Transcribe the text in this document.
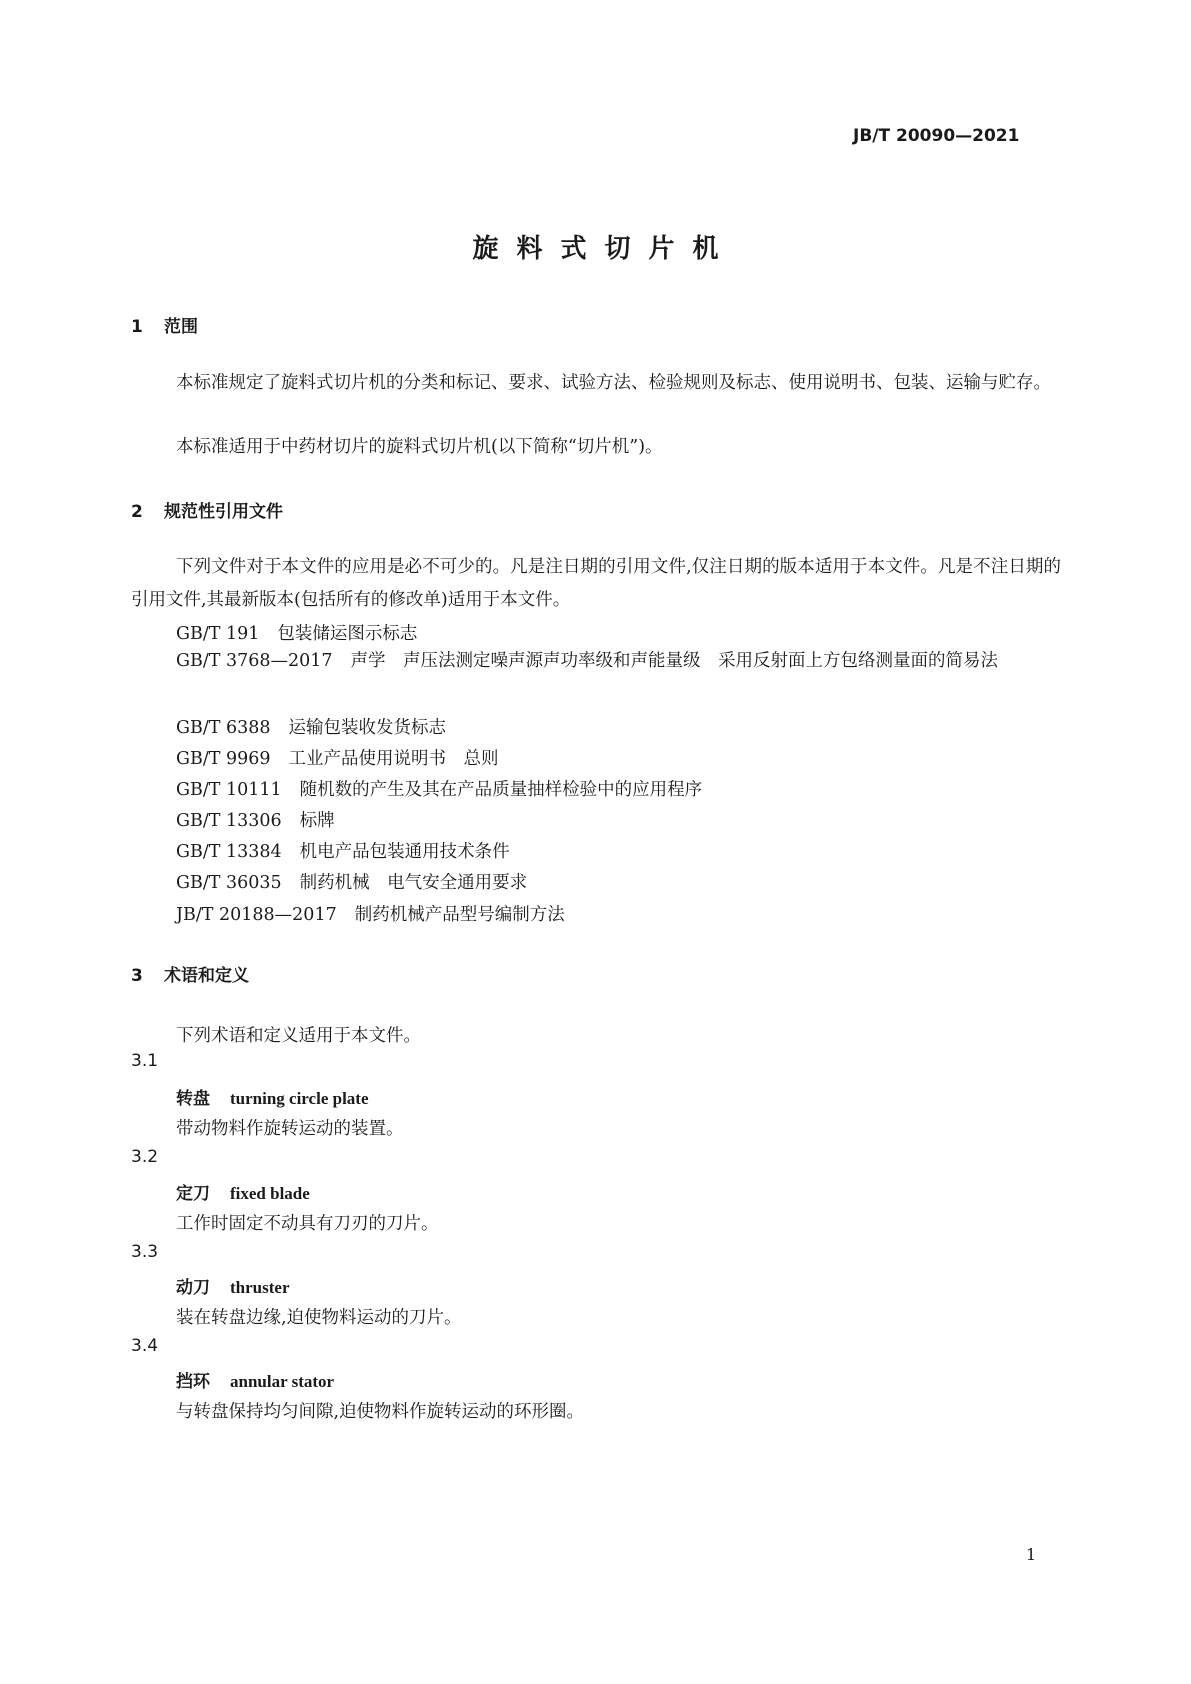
JB/T 20090—2021
旋料式切片机
1 范围
本标准规定了旋料式切片机的分类和标记、要求、试验方法、检验规则及标志、使用说明书、包装、运输与贮存。
本标准适用于中药材切片的旋料式切片机(以下简称“切片机”)。
2 规范性引用文件
下列文件对于本文件的应用是必不可少的。凡是注日期的引用文件,仅注日期的版本适用于本文件。凡是不注日期的引用文件,其最新版本(包括所有的修改单)适用于本文件。
GB/T 191 包装储运图示标志
GB/T 3768—2017 声学　声压法测定噪声源声功率级和声能量级　采用反射面上方包络测量面的简易法
GB/T 6388 运输包装收发货标志
GB/T 9969 工业产品使用说明书　总则
GB/T 10111 随机数的产生及其在产品质量抽样检验中的应用程序
GB/T 13306 标牌
GB/T 13384 机电产品包装通用技术条件
GB/T 36035 制药机械　电气安全通用要求
JB/T 20188—2017 制药机械产品型号编制方法
3 术语和定义
下列术语和定义适用于本文件。
3.1
转盘 turning circle plate
带动物料作旋转运动的装置。
3.2
定刀 fixed blade
工作时固定不动具有刀刃的刀片。
3.3
动刀 thruster
装在转盘边缘,迫使物料运动的刀片。
3.4
挡环 annular stator
与转盘保持均匀间隙,迫使物料作旋转运动的环形圈。
1
